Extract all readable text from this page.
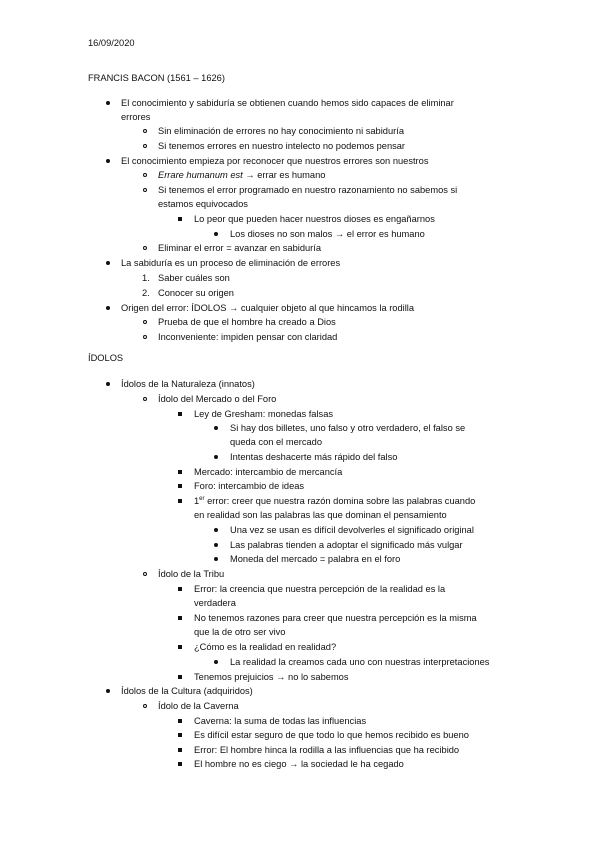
16/09/2020
FRANCIS BACON (1561 – 1626)
El conocimiento y sabiduría se obtienen cuando hemos sido capaces de eliminar
errores
Sin eliminación de errores no hay conocimiento ni sabiduría
Si tenemos errores en nuestro intelecto no podemos pensar
El conocimiento empieza por reconocer que nuestros errores son nuestros
Errare humanum est → errar es humano
Si tenemos el error programado en nuestro razonamiento no sabemos si
estamos equivocados
Lo peor que pueden hacer nuestros dioses es engañarnos
Los dioses no son malos → el error es humano
Eliminar el error = avanzar en sabiduría
La sabiduría es un proceso de eliminación de errores
1. Saber cuáles son
2. Conocer su origen
Origen del error: ÍDOLOS → cualquier objeto al que hincamos la rodilla
Prueba de que el hombre ha creado a Dios
Inconveniente: impiden pensar con claridad
ÍDOLOS
Ídolos de la Naturaleza (innatos)
Ídolo del Mercado o del Foro
Ley de Gresham: monedas falsas
Si hay dos billetes, uno falso y otro verdadero, el falso se
queda con el mercado
Intentas deshacerte más rápido del falso
Mercado: intercambio de mercancía
Foro: intercambio de ideas
1er error: creer que nuestra razón domina sobre las palabras cuando
en realidad son las palabras las que dominan el pensamiento
Una vez se usan es difícil devolverles el significado original
Las palabras tienden a adoptar el significado más vulgar
Moneda del mercado = palabra en el foro
Ídolo de la Tribu
Error: la creencia que nuestra percepción de la realidad es la
verdadera
No tenemos razones para creer que nuestra percepción es la misma
que la de otro ser vivo
¿Cómo es la realidad en realidad?
La realidad la creamos cada uno con nuestras interpretaciones
Tenemos prejuicios → no lo sabemos
Ídolos de la Cultura (adquiridos)
Ídolo de la Caverna
Caverna: la suma de todas las influencias
Es difícil estar seguro de que todo lo que hemos recibido es bueno
Error: El hombre hinca la rodilla a las influencias que ha recibido
El hombre no es ciego → la sociedad le ha cegado
